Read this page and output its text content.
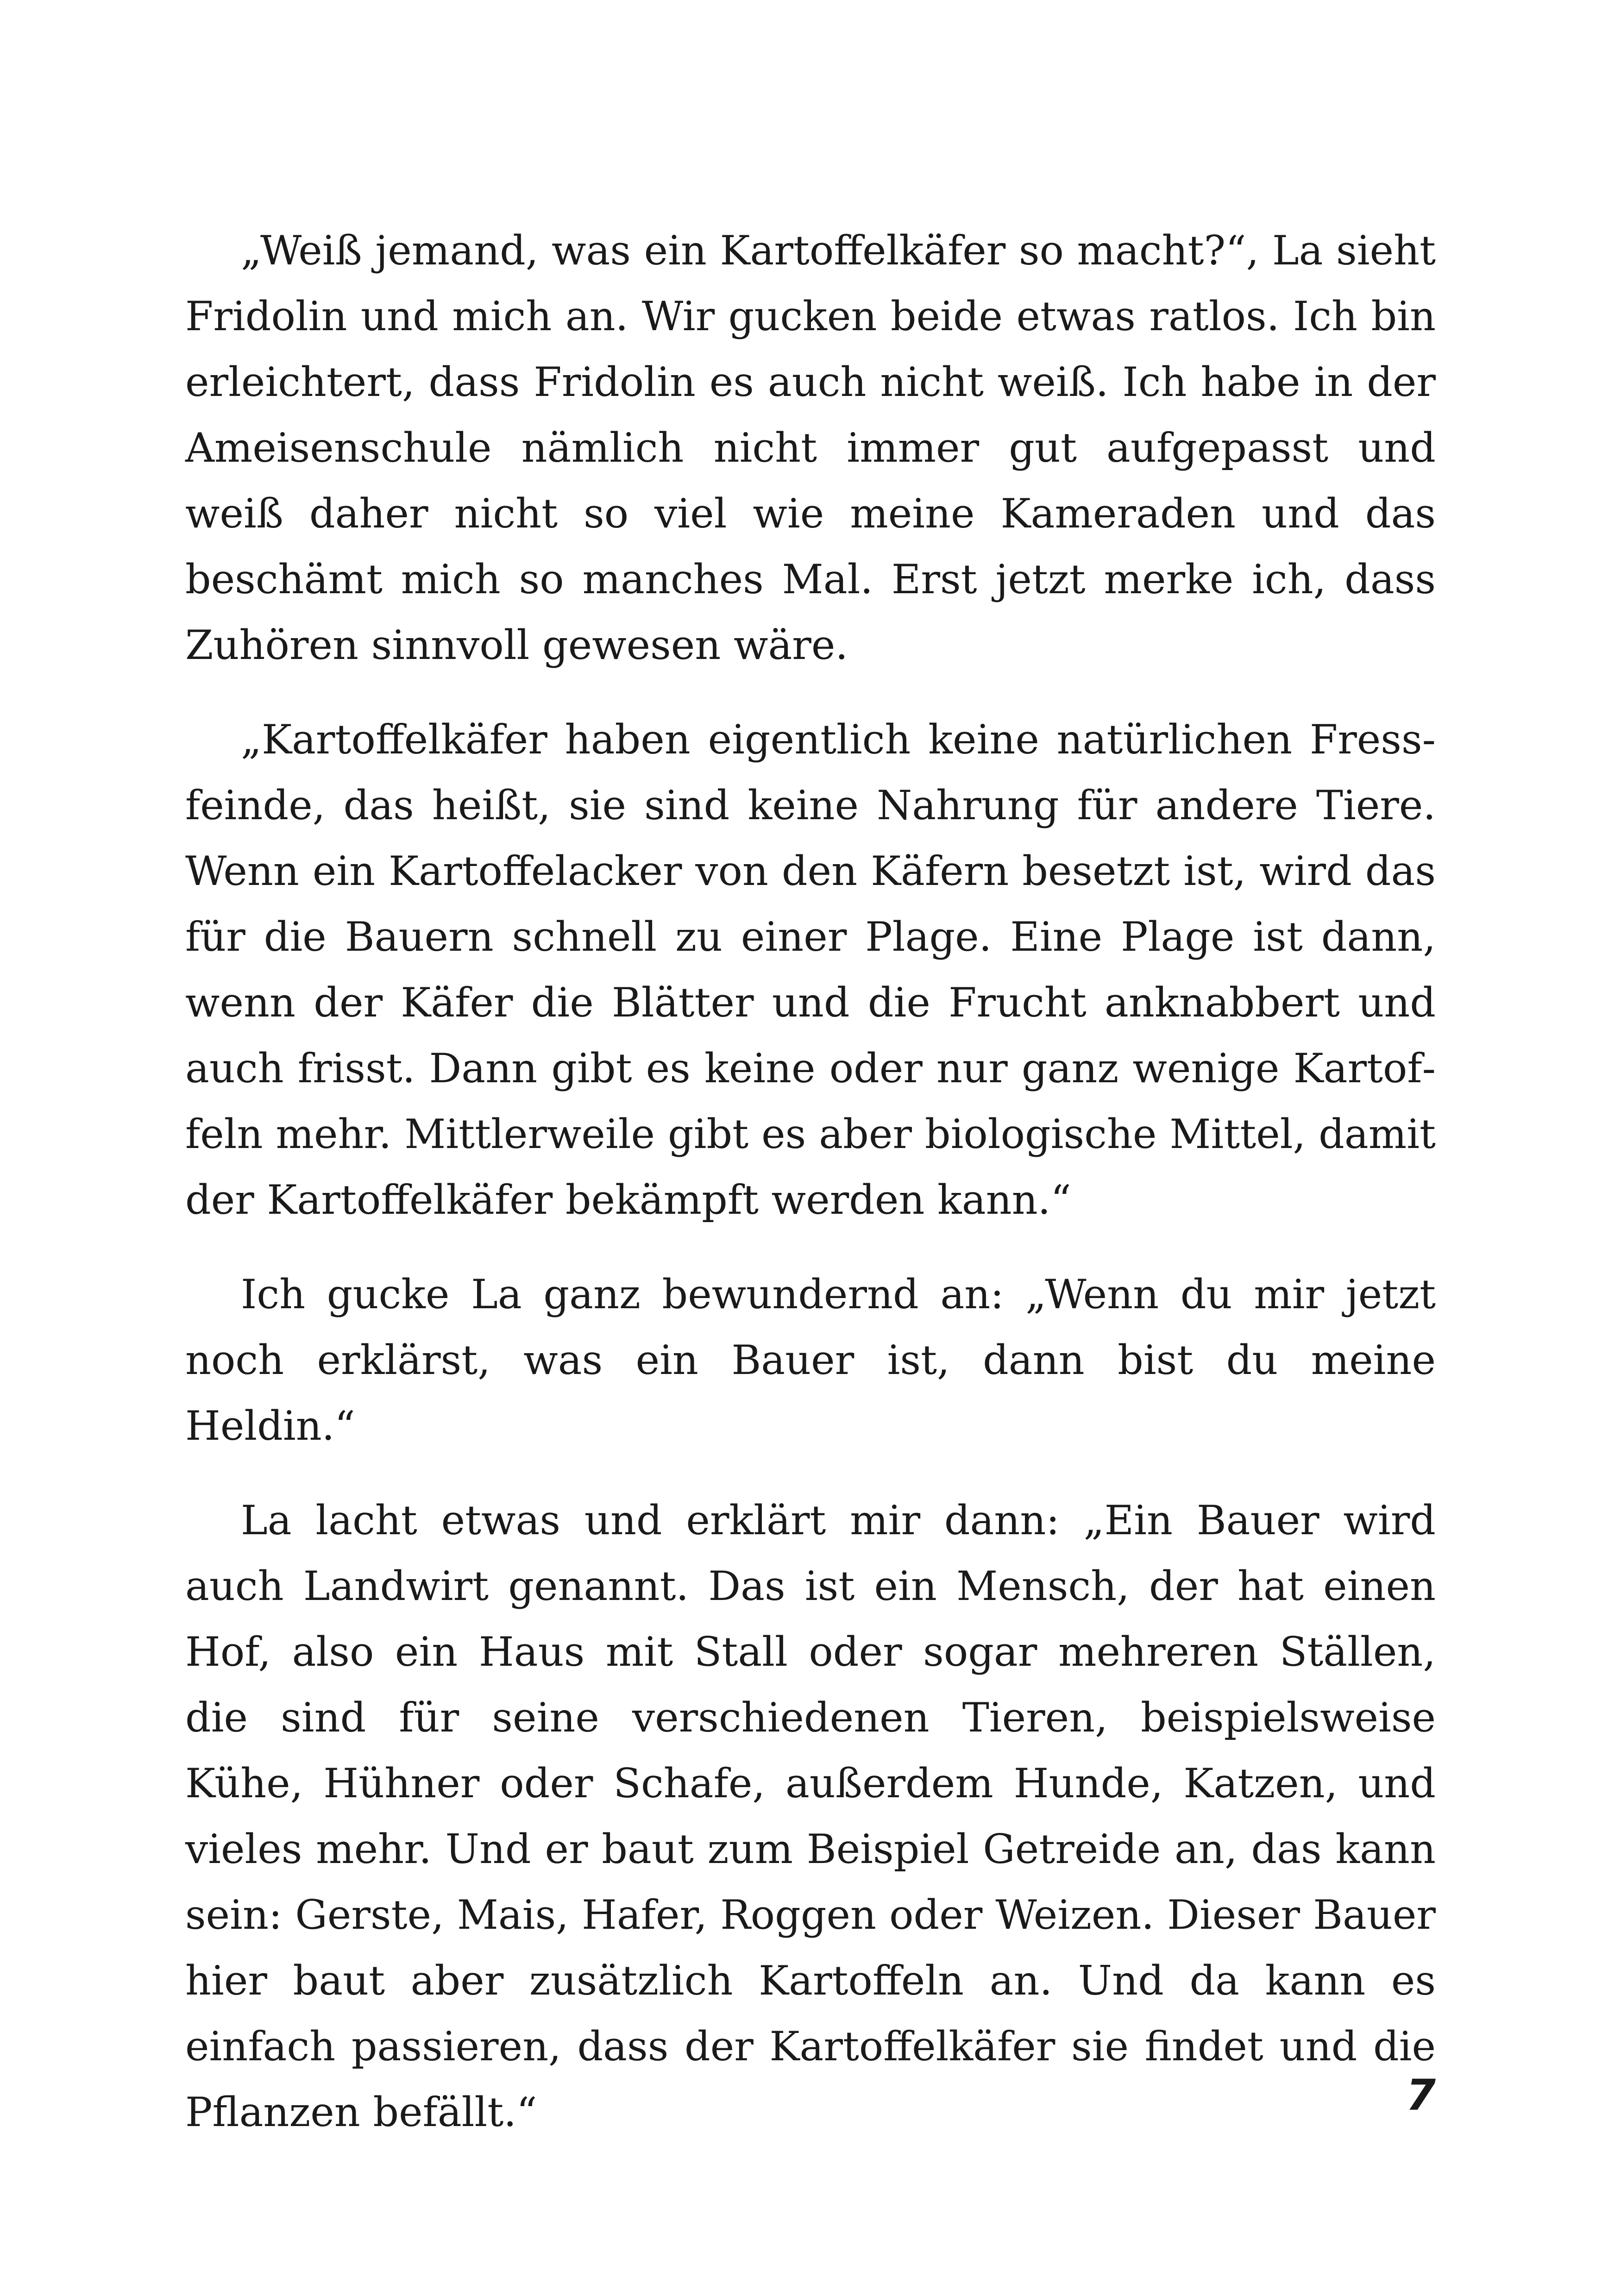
„Weiß jemand, was ein Kartoffelkäfer so macht?“, La sieht Fridolin und mich an. Wir gucken beide etwas ratlos. Ich bin erleichtert, dass Fridolin es auch nicht weiß. Ich habe in der Ameisenschule nämlich nicht immer gut aufgepasst und weiß daher nicht so viel wie meine Kameraden und das beschämt mich so manches Mal. Erst jetzt merke ich, dass Zuhören sinnvoll gewesen wäre.

„Kartoffelkäfer haben eigentlich keine natürlichen Fressfeinde, das heißt, sie sind keine Nahrung für andere Tiere. Wenn ein Kartoffelacker von den Käfern besetzt ist, wird das für die Bauern schnell zu einer Plage. Eine Plage ist dann, wenn der Käfer die Blätter und die Frucht anknabbert und auch frisst. Dann gibt es keine oder nur ganz wenige Kartoffeln mehr. Mittlerweile gibt es aber biologische Mittel, damit der Kartoffelkäfer bekämpft werden kann.“

Ich gucke La ganz bewundernd an: „Wenn du mir jetzt noch erklärst, was ein Bauer ist, dann bist du meine Heldin.“

La lacht etwas und erklärt mir dann: „Ein Bauer wird auch Landwirt genannt. Das ist ein Mensch, der hat einen Hof, also ein Haus mit Stall oder sogar mehreren Ställen, die sind für seine verschiedenen Tieren, beispielsweise Kühe, Hühner oder Schafe, außerdem Hunde, Katzen, und vieles mehr. Und er baut zum Beispiel Getreide an, das kann sein: Gerste, Mais, Hafer, Roggen oder Weizen. Dieser Bauer hier baut aber zusätzlich Kartoffeln an. Und da kann es einfach passieren, dass der Kartoffelkäfer sie findet und die Pflanzen befällt.“	7
